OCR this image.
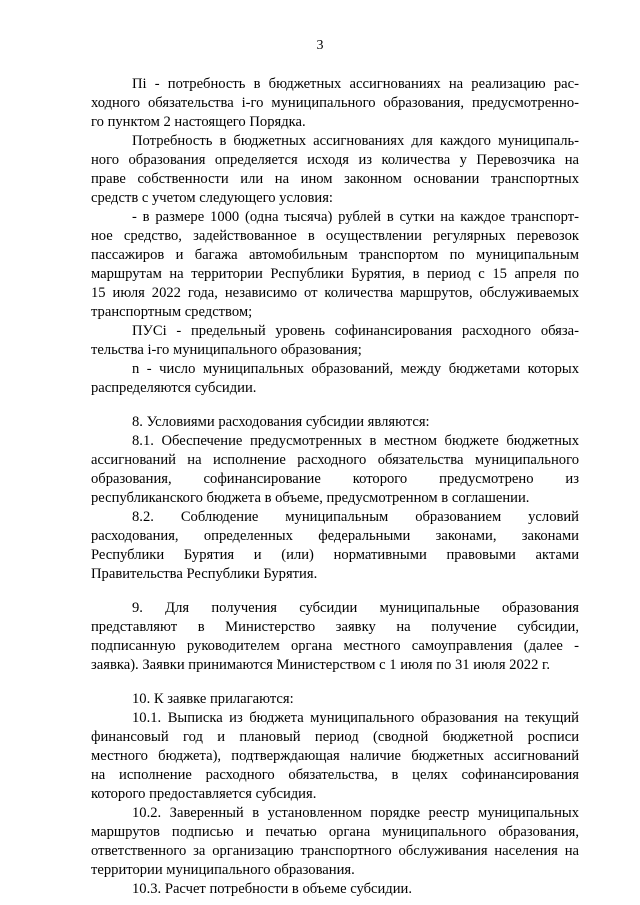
3
Пi - потребность в бюджетных ассигнованиях на реализацию рас-
ходного обязательства i-го муниципального образования, предусмотренно-
го пунктом 2 настоящего Порядка.
Потребность в бюджетных ассигнованиях для каждого муниципаль-
ного образования определяется исходя из количества у Перевозчика на
праве собственности или на ином законном основании транспортных
средств с учетом следующего условия:
- в размере 1000 (одна тысяча) рублей в сутки на каждое транспорт-
ное средство, задействованное в осуществлении регулярных перевозок
пассажиров и багажа автомобильным транспортом по муниципальным
маршрутам на территории Республики Бурятия, в период с 15 апреля по
15 июля 2022 года, независимо от количества маршрутов, обслуживаемых
транспортным средством;
ПУСi - предельный уровень софинансирования расходного обяза-
тельства i-го муниципального образования;
n - число муниципальных образований, между бюджетами которых
распределяются субсидии.
8. Условиями расходования субсидии являются:
8.1. Обеспечение предусмотренных в местном бюджете бюджетных
ассигнований на исполнение расходного обязательства муниципального
образования, софинансирование которого предусмотрено из
республиканского бюджета в объеме, предусмотренном в соглашении.
8.2. Соблюдение муниципальным образованием условий
расходования, определенных федеральными законами, законами
Республики Бурятия и (или) нормативными правовыми актами
Правительства Республики Бурятия.
9. Для получения субсидии муниципальные образования
представляют в Министерство заявку на получение субсидии,
подписанную руководителем органа местного самоуправления (далее -
заявка). Заявки принимаются Министерством с 1 июля по 31 июля 2022 г.
10. К заявке прилагаются:
10.1. Выписка из бюджета муниципального образования на текущий
финансовый год и плановый период (сводной бюджетной росписи
местного бюджета), подтверждающая наличие бюджетных ассигнований
на исполнение расходного обязательства, в целях софинансирования
которого предоставляется субсидия.
10.2. Заверенный в установленном порядке реестр муниципальных
маршрутов подписью и печатью органа муниципального образования,
ответственного за организацию транспортного обслуживания населения на
территории муниципального образования.
10.3. Расчет потребности в объеме субсидии.
